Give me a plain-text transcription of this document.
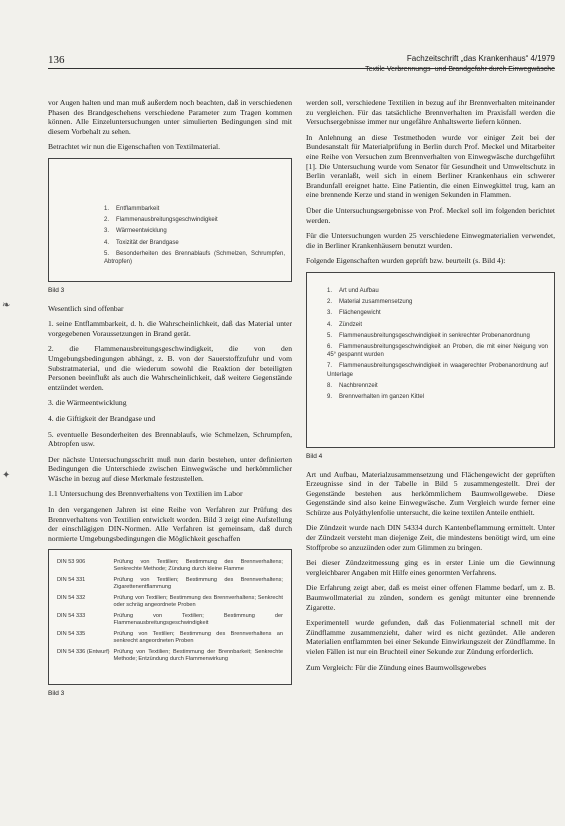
136	Fachzeitschrift „das Krankenhaus“ 4/1979
Textile Verbrennungs- und Brandgefahr durch Einwegwäsche
❧
✦

vor Augen halten und man muß außerdem noch beachten, daß in verschiedenen Phasen des Brandgeschehens verschiedene Parameter zum Tragen kommen können. Alle Einzeluntersuchungen unter simulierten Bedingungen sind mit diesem Vorbehalt zu sehen.

Betrachtet wir nun die Eigenschaften von Textilmaterial.

1. Entflammbarkeit
2. Flammenausbreitungsgeschwindigkeit
3. Wärmeentwicklung
4. Toxizität der Brandgase
5. Besonderheiten des Brennablaufs (Schmelzen, Schrumpfen, Abtropfen)
Bild 3

Wesentlich sind offenbar

1. seine Entflammbarkeit, d. h. die Wahrscheinlichkeit, daß das Material unter vorgegebenen Voraussetzungen in Brand gerät.

2. die Flammenausbreitungsgeschwindigkeit, die von den Umgebungsbedingungen abhängt, z. B. von der Sauerstoffzufuhr und vom Substratmaterial, und die wiederum sowohl die Reaktion der beteiligten Personen beeinflußt als auch die Wahrscheinlichkeit, daß weitere Gegenstände entzündet werden.

3. die Wärmeentwicklung

4. die Giftigkeit der Brandgase und

5. eventuelle Besonderheiten des Brennablaufs, wie Schmelzen, Schrumpfen, Abtropfen usw.

Der nächste Untersuchungsschritt muß nun darin bestehen, unter definierten Bedingungen die Unterschiede zwischen Einwegwäsche und herkömmlicher Wäsche in bezug auf diese Merkmale festzustellen.

1.1 Untersuchung des Brennverhaltens von Textilien im Labor

In den vergangenen Jahren ist eine Reihe von Verfahren zur Prüfung des Brennverhaltens von Textilien entwickelt worden. Bild 3 zeigt eine Aufstellung der einschlägigen DIN-Normen. Alle Verfahren ist gemeinsam, daß durch normierte Umgebungsbedingungen die Möglichkeit geschaffen

DIN 53 906	Prüfung von Textilien; Bestimmung des Brennverhaltens; Senkrechte Methode; Zündung durch kleine Flamme
DIN 54 331	Prüfung von Textilien; Bestimmung des Brennverhaltens; Zigarettenentflammung
DIN 54 332	Prüfung von Textilien; Bestimmung des Brennverhaltens; Senkrecht oder schräg angeordnete Proben
DIN 54 333	Prüfung von Textilien; Bestimmung der Flammenausbreitungsgeschwindigkeit
DIN 54 335	Prüfung von Textilien; Bestimmung des Brennverhaltens an senkrecht angeordneten Proben
DIN 54 336 (Entwurf)	Prüfung von Textilien; Bestimmung der Brennbarkeit; Senkrechte Methode; Entzündung durch Flammenwirkung
Bild 3

werden soll, verschiedene Textilien in bezug auf ihr Brennverhalten miteinander zu vergleichen. Für das tatsächliche Brennverhalten im Praxisfall werden die Versuchsergebnisse immer nur ungefähre Anhaltswerte liefern können.

In Anlehnung an diese Testmethoden wurde vor einiger Zeit bei der Bundesanstalt für Materialprüfung in Berlin durch Prof. Meckel und Mitarbeiter eine Reihe von Versuchen zum Brennverhalten von Einwegwäsche durchgeführt [1]. Die Untersuchung wurde vom Senator für Gesundheit und Umweltschutz in Berlin veranlaßt, weil sich in einem Berliner Krankenhaus ein schwerer Brandunfall ereignet hatte. Eine Patientin, die einen Einwegkittel trug, kam an eine brennende Kerze und stand in wenigen Sekunden in Flammen.

Über die Untersuchungsergebnisse von Prof. Meckel soll im folgenden berichtet werden.

Für die Untersuchungen wurden 25 verschiedene Einwegmaterialien verwendet, die in Berliner Krankenhäusern benutzt wurden.

Folgende Eigenschaften wurden geprüft bzw. beurteilt (s. Bild 4):

1. Art und Aufbau
2. Material zusammensetzung
3. Flächengewicht
4. Zündzeit
5. Flammenausbreitungsgeschwindigkeit in senkrechter Probenanordnung
6. Flammenausbreitungsgeschwindigkeit an Proben, die mit einer Neigung von 45° gespannt wurden
7. Flammenausbreitungsgeschwindigkeit in waagerechter Probenanordnung auf Unterlage
8. Nachbrennzeit
9. Brennverhalten im ganzen Kittel
Bild 4

Art und Aufbau, Materialzusammensetzung und Flächengewicht der geprüften Erzeugnisse sind in der Tabelle in Bild 5 zusammengestellt. Drei der Gegenstände bestehen aus herkömmlichem Baumwollgewebe. Diese Gegenstände sind also keine Einwegwäsche. Zum Vergleich wurde ferner eine Schürze aus Polyäthylenfolie untersucht, die keine textilen Anteile enthielt.

Die Zündzeit wurde nach DIN 54334 durch Kantenbeflammung ermittelt. Unter der Zündzeit versteht man diejenige Zeit, die mindestens benötigt wird, um eine Stoffprobe so anzuzünden oder zum Glimmen zu bringen.

Bei dieser Zündzeitmessung ging es in erster Linie um die Gewinnung vergleichbarer Angaben mit Hilfe eines genormten Verfahrens.

Die Erfahrung zeigt aber, daß es meist einer offenen Flamme bedarf, um z. B. Baumwollmaterial zu zünden, sondern es genügt mitunter eine brennende Zigarette.

Experimentell wurde gefunden, daß das Folienmaterial schnell mit der Zündflamme zusammenzieht, daher wird es nicht gezündet. Alle anderen Materialien entflammten bei einer Sekunde Einwirkungszeit der Zündflamme. In vielen Fällen ist nur ein Bruchteil einer Sekunde zur Zündung erforderlich.

Zum Vergleich: Für die Zündung eines Baumwollsgewebes
